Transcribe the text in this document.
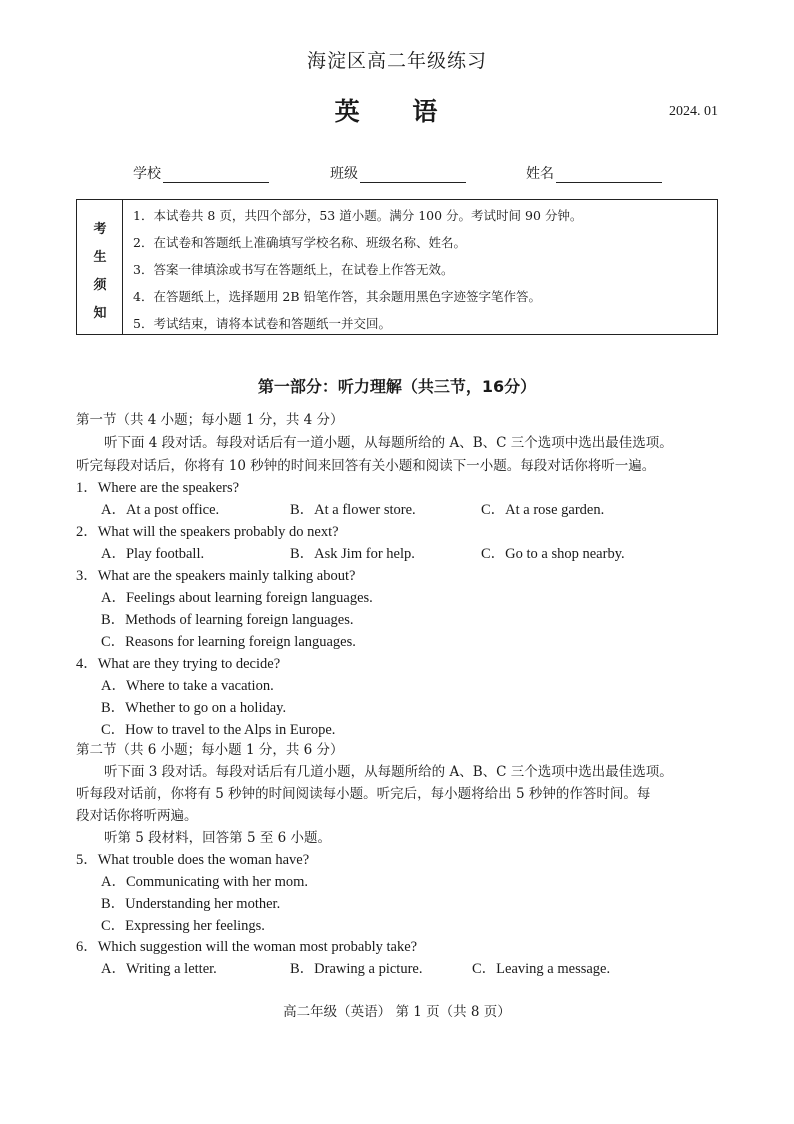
海淀区高二年级练习
英 语	2024. 01
学校	班级	姓名
考
生
须
知
1．本试卷共 8 页，共四个部分，53 道小题。满分 100 分。考试时间 90 分钟。
2．在试卷和答题纸上准确填写学校名称、班级名称、姓名。
3．答案一律填涂或书写在答题纸上，在试卷上作答无效。
4．在答题纸上，选择题用 2B 铅笔作答，其余题用黑色字迹签字笔作答。
5．考试结束，请将本试卷和答题纸一并交回。
第一部分：听力理解（共三节，16分）
第一节（共 4 小题；每小题 1 分，共 4 分）
听下面 4 段对话。每段对话后有一道小题，从每题所给的 A、B、C 三个选项中选出最佳选项。
听完每段对话后，你将有 10 秒钟的时间来回答有关小题和阅读下一小题。每段对话你将听一遍。
1．Where are the speakers?
A．At a post office.	B．At a flower store.	C．At a rose garden.
2．What will the speakers probably do next?
A．Play football.	B．Ask Jim for help.	C．Go to a shop nearby.
3．What are the speakers mainly talking about?
A．Feelings about learning foreign languages.
B．Methods of learning foreign languages.
C．Reasons for learning foreign languages.
4．What are they trying to decide?
A．Where to take a vacation.
B．Whether to go on a holiday.
C．How to travel to the Alps in Europe.
第二节（共 6 小题；每小题 1 分，共 6 分）
听下面 3 段对话。每段对话后有几道小题，从每题所给的 A、B、C 三个选项中选出最佳选项。
听每段对话前，你将有 5 秒钟的时间阅读每小题。听完后，每小题将给出 5 秒钟的作答时间。每
段对话你将听两遍。
听第 5 段材料，回答第 5 至 6 小题。
5．What trouble does the woman have?
A．Communicating with her mom.
B．Understanding her mother.
C．Expressing her feelings.
6．Which suggestion will the woman most probably take?
A．Writing a letter.	B．Drawing a picture.	C．Leaving a message.
高二年级（英语） 第 1 页（共 8 页）
